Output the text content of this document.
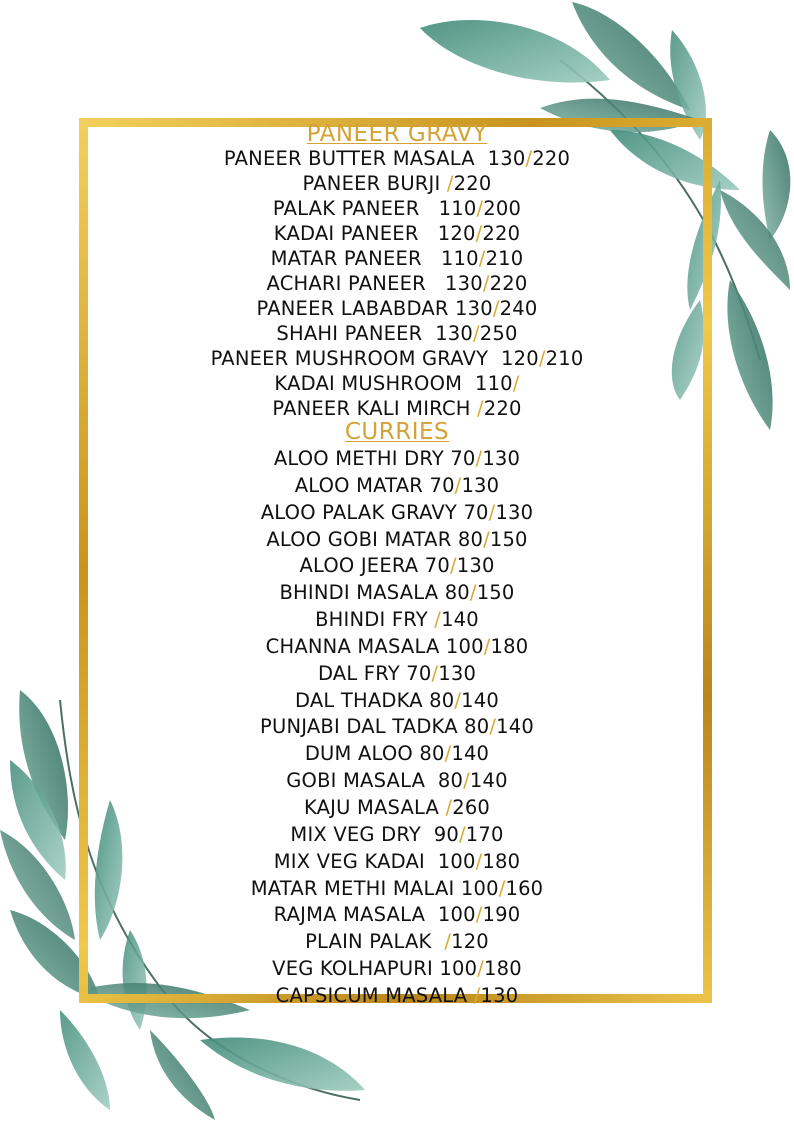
PANEER GRAVY
PANEER BUTTER MASALA  130/220
PANEER BURJI /220
PALAK PANEER   110/200
KADAI PANEER   120/220
MATAR PANEER   110/210
ACHARI PANEER   130/220
PANEER LABABDAR 130/240
SHAHI PANEER  130/250
PANEER MUSHROOM GRAVY  120/210
KADAI MUSHROOM  110/
PANEER KALI MIRCH /220
CURRIES
ALOO METHI DRY 70/130
ALOO MATAR 70/130
ALOO PALAK GRAVY 70/130
ALOO GOBI MATAR 80/150
ALOO JEERA 70/130
BHINDI MASALA 80/150
BHINDI FRY /140
CHANNA MASALA 100/180
DAL FRY 70/130
DAL THADKA 80/140
PUNJABI DAL TADKA 80/140
DUM ALOO 80/140
GOBI MASALA  80/140
KAJU MASALA /260
MIX VEG DRY  90/170
MIX VEG KADAI  100/180
MATAR METHI MALAI 100/160
RAJMA MASALA  100/190
PLAIN PALAK  /120
VEG KOLHAPURI 100/180
CAPSICUM MASALA /130
